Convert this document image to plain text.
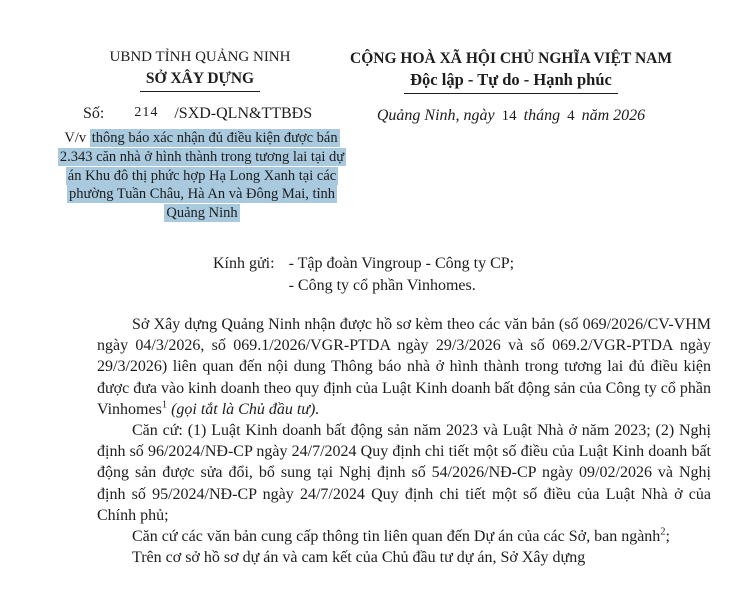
UBND TỈNH QUẢNG NINH
SỞ XÂY DỰNG
Số: 214 /SXD-QLN&TTBĐS
CỘNG HOÀ XÃ HỘI CHỦ NGHĨA VIỆT NAM
Độc lập - Tự do - Hạnh phúc
Quảng Ninh, ngày 14 tháng 4 năm 2026
V/v thông báo xác nhận đủ điều kiện được bán 2.343 căn nhà ở hình thành trong tương lai tại dự án Khu đô thị phức hợp Hạ Long Xanh tại các phường Tuần Châu, Hà An và Đông Mai, tỉnh Quảng Ninh
Kính gửi: - Tập đoàn Vingroup - Công ty CP;
- Công ty cổ phần Vinhomes.

Sở Xây dựng Quảng Ninh nhận được hồ sơ kèm theo các văn bản (số 069/2026/CV-VHM ngày 04/3/2026, số 069.1/2026/VGR-PTDA ngày 29/3/2026 và số 069.2/VGR-PTDA ngày 29/3/2026) liên quan đến nội dung Thông báo nhà ở hình thành trong tương lai đủ điều kiện được đưa vào kinh doanh theo quy định của Luật Kinh doanh bất động sản của Công ty cổ phần Vinhomes$^1$ (gọi tắt là Chủ đầu tư).

Căn cứ: (1) Luật Kinh doanh bất động sản năm 2023 và Luật Nhà ở năm 2023; (2) Nghị định số 96/2024/NĐ-CP ngày 24/7/2024 Quy định chi tiết một số điều của Luật Kinh doanh bất động sản được sửa đổi, bổ sung tại Nghị định số 54/2026/NĐ-CP ngày 09/02/2026 và Nghị định số 95/2024/NĐ-CP ngày 24/7/2024 Quy định chi tiết một số điều của Luật Nhà ở của Chính phủ;

Căn cứ các văn bản cung cấp thông tin liên quan đến Dự án của các Sở, ban ngành$^2$;

Trên cơ sở hồ sơ dự án và cam kết của Chủ đầu tư dự án, Sở Xây dựng
